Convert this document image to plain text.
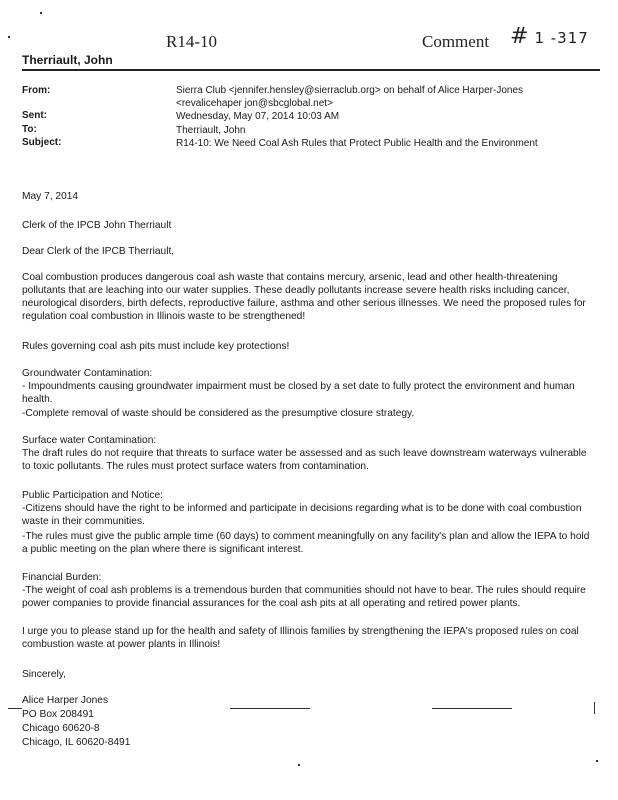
R14-10	Comment # 1 -317
Therriault, John
From:	Sierra Club <jennifer.hensley@sierraclub.org> on behalf of Alice Harper-Jones
<revalicehaper jon@sbcglobal.net>
Sent:	Wednesday, May 07, 2014 10:03 AM
To:	Therriault, John
Subject:	R14-10: We Need Coal Ash Rules that Protect Public Health and the Environment
May 7, 2014
Clerk of the IPCB John Therriault
Dear Clerk of the IPCB Therriault,
Coal combustion produces dangerous coal ash waste that contains mercury, arsenic, lead and other health-threatening pollutants that are leaching into our water supplies. These deadly pollutants increase severe health risks including cancer, neurological disorders, birth defects, reproductive failure, asthma and other serious illnesses. We need the proposed rules for regulation coal combustion in Illinois waste to be strengthened!
Rules governing coal ash pits must include key protections!
Groundwater Contamination:
- Impoundments causing groundwater impairment must be closed by a set date to fully protect the environment and human health.
-Complete removal of waste should be considered as the presumptive closure strategy.
Surface water Contamination:
The draft rules do not require that threats to surface water be assessed and as such leave downstream waterways vulnerable to toxic pollutants. The rules must protect surface waters from contamination.
Public Participation and Notice:
-Citizens should have the right to be informed and participate in decisions regarding what is to be done with coal combustion waste in their communities.
-The rules must give the public ample time (60 days) to comment meaningfully on any facility's plan and allow the IEPA to hold a public meeting on the plan where there is significant interest.
Financial Burden:
-The weight of coal ash problems is a tremendous burden that communities should not have to bear. The rules should require power companies to provide financial assurances for the coal ash pits at all operating and retired power plants.
I urge you to please stand up for the health and safety of Illinois families by strengthening the IEPA's proposed rules on coal combustion waste at power plants in Illinois!
Sincerely,
Alice Harper Jones
PO Box 208491
Chicago 60620-8
Chicago, IL 60620-8491
